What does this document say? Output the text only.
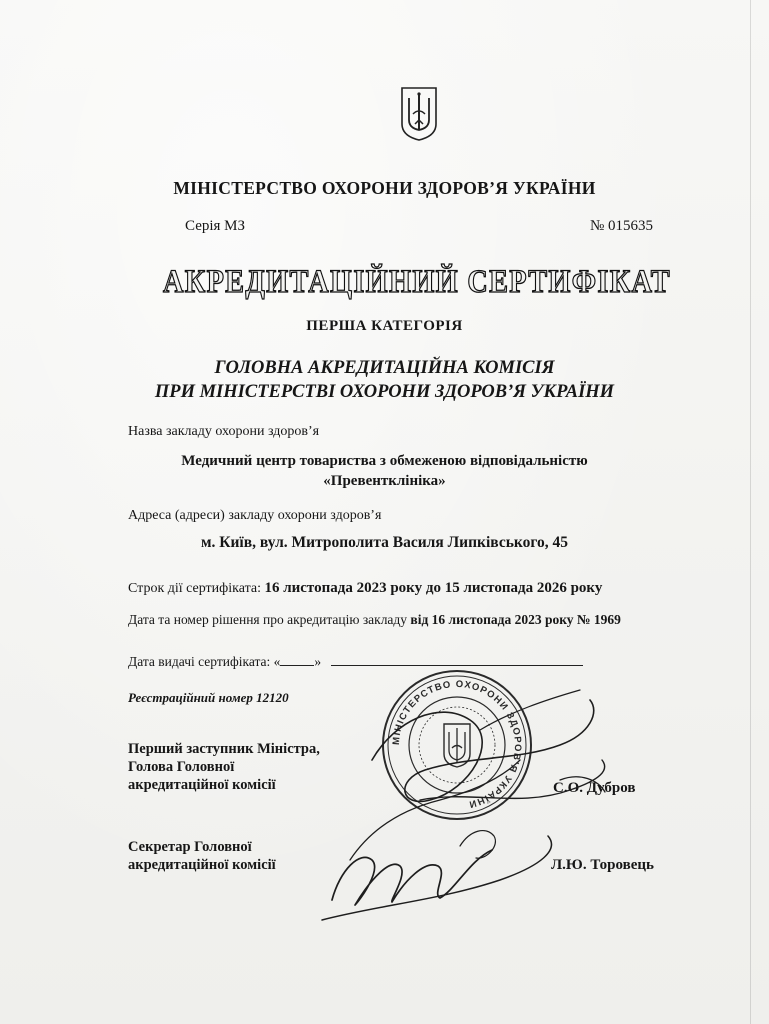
МІНІСТЕРСТВО ОХОРОНИ ЗДОРОВ’Я УКРАЇНИ
Серія МЗ	№ 015635
АКРЕДИТАЦІЙНИЙ СЕРТИФІКАТ
ПЕРША КАТЕГОРІЯ
ГОЛОВНА АКРЕДИТАЦІЙНА КОМІСІЯ
ПРИ МІНІСТЕРСТВІ ОХОРОНИ ЗДОРОВ’Я УКРАЇНИ
Назва закладу охорони здоров’я
Медичний центр товариства з обмеженою відповідальністю
«Превентклініка»
Адреса (адреси) закладу охорони здоров’я
м. Київ, вул. Митрополита Василя Липківського, 45
Строк дії сертифіката: 16 листопада 2023 року до 15 листопада 2026 року
Дата та номер рішення про акредитацію закладу від 16 листопада 2023 року № 1969
Дата видачі сертифіката: «	»
Реєстраційний номер 12120
Перший заступник Міністра,
Голова Головної
акредитаційної комісії	С.О. Дубров
Секретар Головної
акредитаційної комісії	Л.Ю. Торовець
МІНІСТЕРСТВО ОХОРОНИ ЗДОРОВ’Я УКРАЇНИ
